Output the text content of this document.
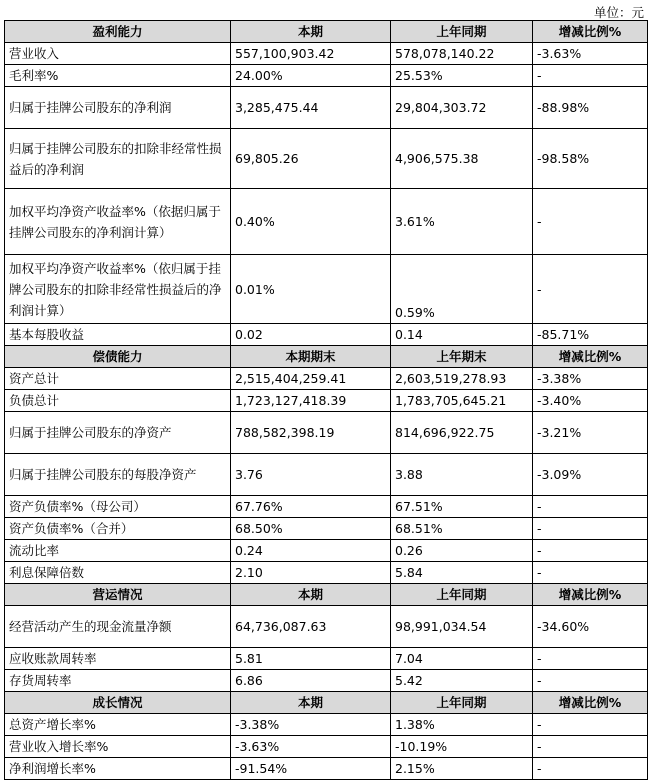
单位：元
盈利能力	本期	上年同期	增减比例%
营业收入	557,100,903.42	578,078,140.22	-3.63%
毛利率%	24.00%	25.53%	-
归属于挂牌公司股东的净利润	3,285,475.44	29,804,303.72	-88.98%
归属于挂牌公司股东的扣除非经常性损益后的净利润	69,805.26	4,906,575.38	-98.58%
加权平均净资产收益率%（依据归属于挂牌公司股东的净利润计算）	0.40%	3.61%	-
加权平均净资产收益率%（依归属于挂牌公司股东的扣除非经常性损益后的净利润计算）	0.01%	0.59%	-
基本每股收益	0.02	0.14	-85.71%
偿债能力	本期期末	上年期末	增减比例%
资产总计	2,515,404,259.41	2,603,519,278.93	-3.38%
负债总计	1,723,127,418.39	1,783,705,645.21	-3.40%
归属于挂牌公司股东的净资产	788,582,398.19	814,696,922.75	-3.21%
归属于挂牌公司股东的每股净资产	3.76	3.88	-3.09%
资产负债率%（母公司）	67.76%	67.51%	-
资产负债率%（合并）	68.50%	68.51%	-
流动比率	0.24	0.26	-
利息保障倍数	2.10	5.84	-
营运情况	本期	上年同期	增减比例%
经营活动产生的现金流量净额	64,736,087.63	98,991,034.54	-34.60%
应收账款周转率	5.81	7.04	-
存货周转率	6.86	5.42	-
成长情况	本期	上年同期	增减比例%
总资产增长率%	-3.38%	1.38%	-
营业收入增长率%	-3.63%	-10.19%	-
净利润增长率%	-91.54%	2.15%	-
